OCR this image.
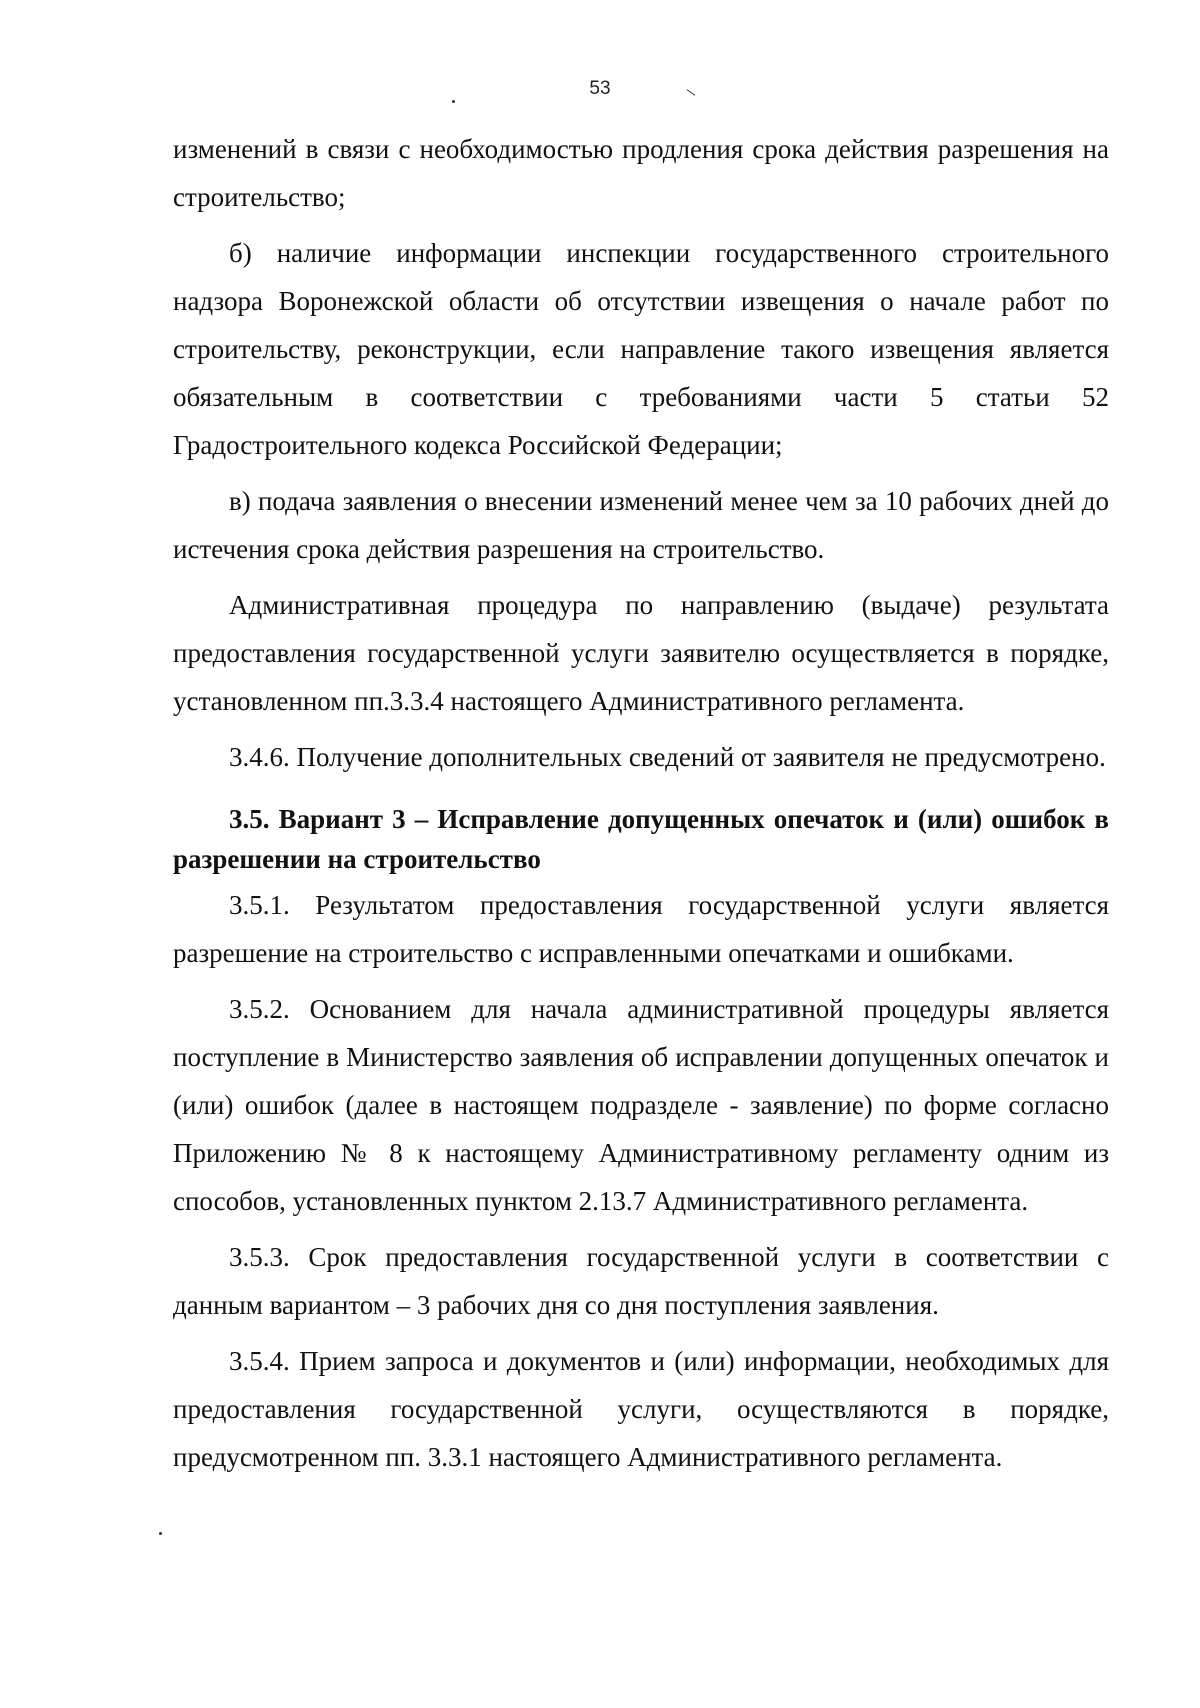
53

изменений в связи с необходимостью продления срока действия разрешения на строительство;

б) наличие информации инспекции государственного строительного надзора Воронежской области об отсутствии извещения о начале работ по строительству, реконструкции, если направление такого извещения является обязательным в соответствии с требованиями части 5 статьи 52 Градостроительного кодекса Российской Федерации;

в) подача заявления о внесении изменений менее чем за 10 рабочих дней до истечения срока действия разрешения на строительство.

Административная процедура по направлению (выдаче) результата предоставления государственной услуги заявителю осуществляется в порядке, установленном пп.3.3.4 настоящего Административного регламента.

3.4.6. Получение дополнительных сведений от заявителя не предусмотрено.

3.5. Вариант 3 – Исправление допущенных опечаток и (или) ошибок в разрешении на строительство

3.5.1. Результатом предоставления государственной услуги является разрешение на строительство с исправленными опечатками и ошибками.

3.5.2. Основанием для начала административной процедуры является поступление в Министерство заявления об исправлении допущенных опечаток и (или) ошибок (далее в настоящем подразделе - заявление) по форме согласно Приложению № 8 к настоящему Административному регламенту одним из способов, установленных пунктом 2.13.7 Административного регламента.

3.5.3. Срок предоставления государственной услуги в соответствии с данным вариантом – 3 рабочих дня со дня поступления заявления.

3.5.4. Прием запроса и документов и (или) информации, необходимых для предоставления государственной услуги, осуществляются в порядке, предусмотренном пп. 3.3.1 настоящего Административного регламента.
